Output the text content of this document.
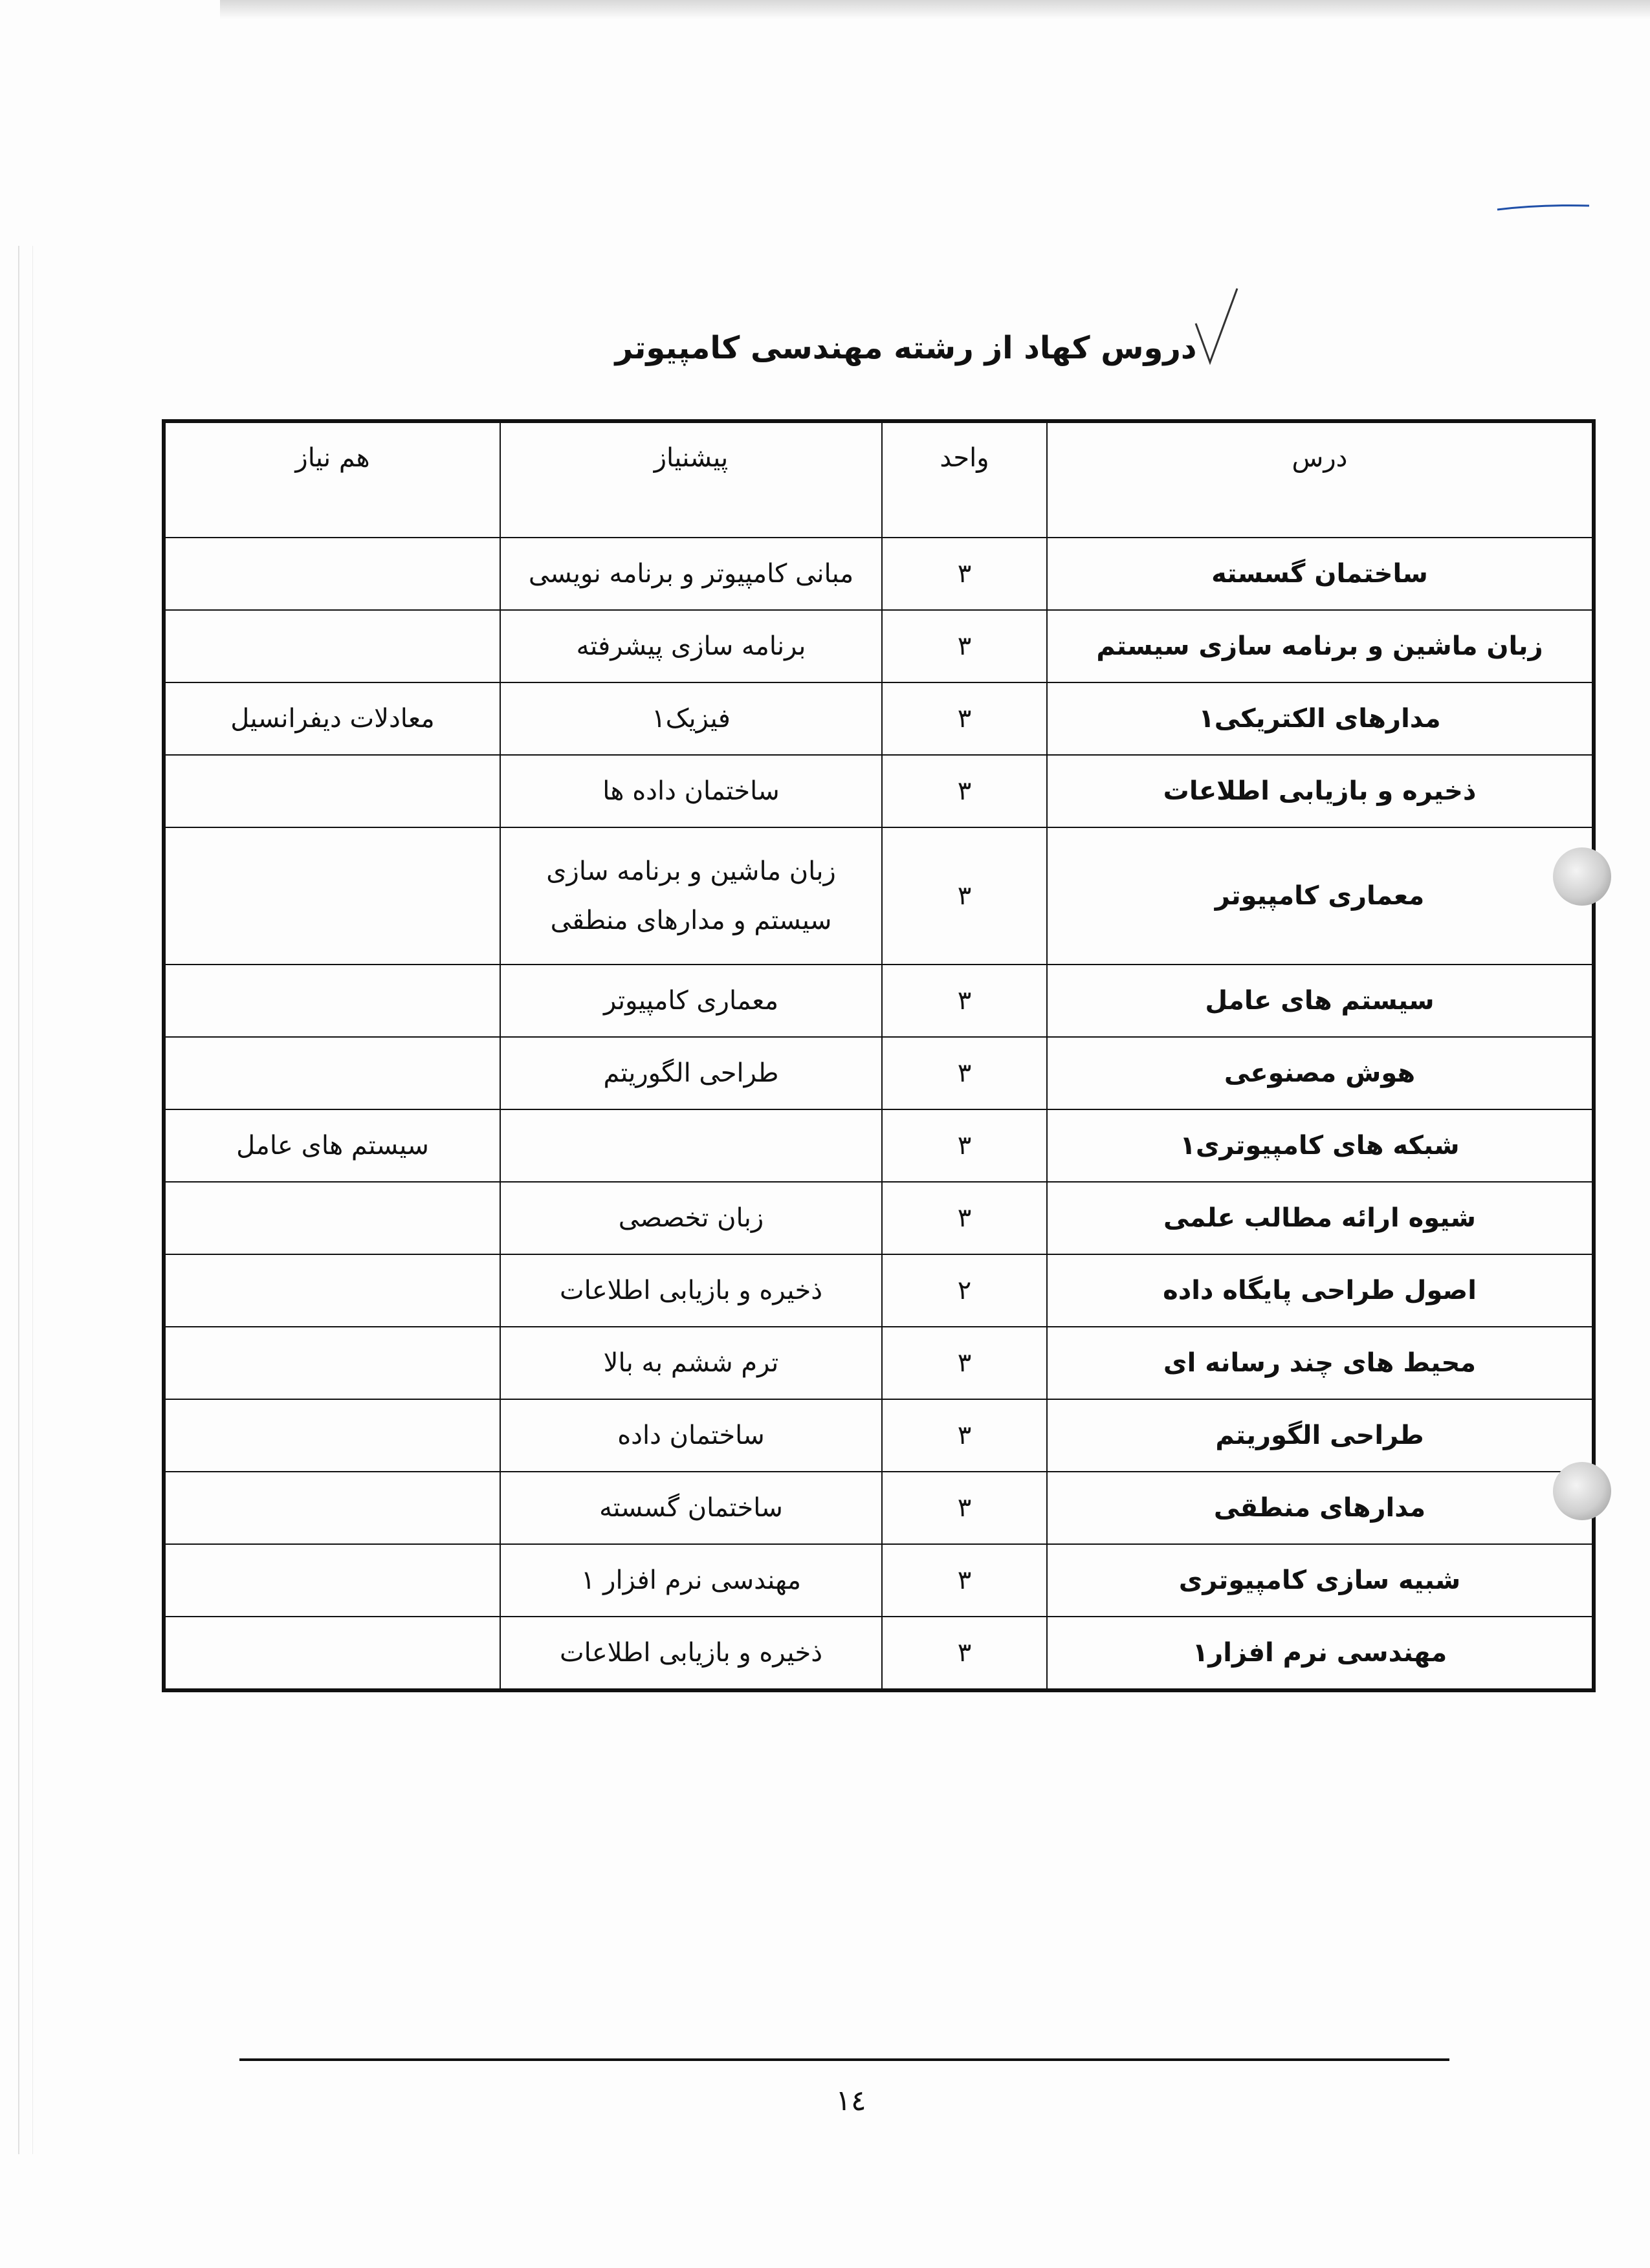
دروس کهاد از رشته مهندسی کامپیوتر
درس	واحد	پیشنیاز	هم نیاز
ساختمان گسسته	۳	مبانی کامپیوتر و برنامه نویسی	
زبان ماشین و برنامه سازی سیستم	۳	برنامه سازی پیشرفته	
مدارهای الکتریکی۱	۳	فیزیک۱	معادلات دیفرانسیل
ذخیره و بازیابی اطلاعات	۳	ساختمان داده ها	
معماری کامپیوتر	۳	زبان ماشین و برنامه سازی سیستم و مدارهای منطقی	
سیستم های عامل	۳	معماری کامپیوتر	
هوش مصنوعی	۳	طراحی الگوریتم	
شبکه های کامپیوتری۱	۳		سیستم های عامل
شیوه ارائه مطالب علمی	۳	زبان تخصصی	
اصول طراحی پایگاه داده	۲	ذخیره و بازیابی اطلاعات	
محیط های چند رسانه ای	۳	ترم ششم به بالا	
طراحی الگوریتم	۳	ساختمان داده	
مدارهای منطقی	۳	ساختمان گسسته	
شبیه سازی کامپیوتری	۳	مهندسی نرم افزار ۱	
مهندسی نرم افزار۱	۳	ذخیره و بازیابی اطلاعات	
۱٤
